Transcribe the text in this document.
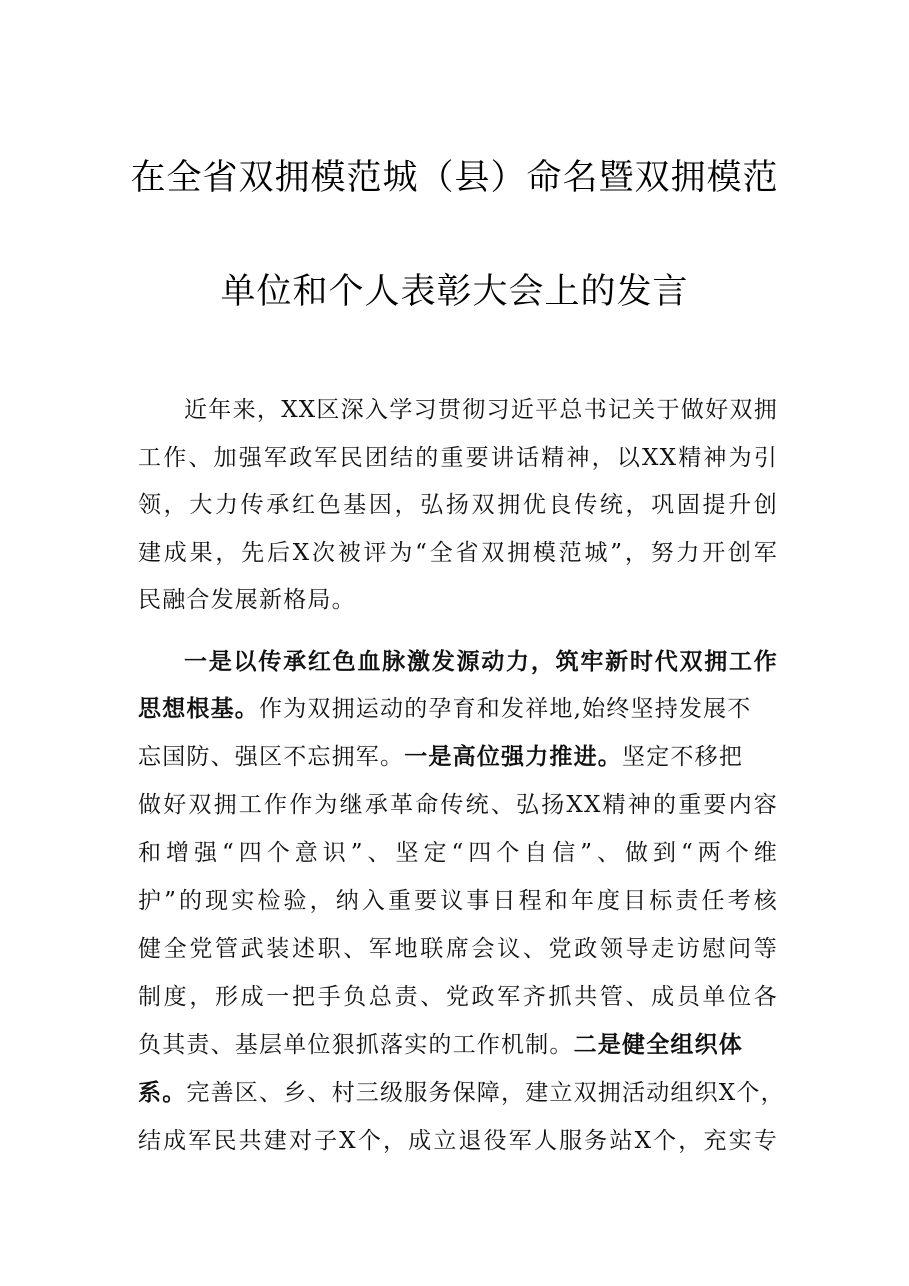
在全省双拥模范城（县）命名暨双拥模范
单位和个人表彰大会上的发言
近年来，XX区深入学习贯彻习近平总书记关于做好双拥
工作、加强军政军民团结的重要讲话精神，以XX精神为引
领，大力传承红色基因，弘扬双拥优良传统，巩固提升创
建成果，先后X次被评为“全省双拥模范城”，努力开创军
民融合发展新格局。
一是以传承红色血脉激发源动力，筑牢新时代双拥工作
思想根基。作为双拥运动的孕育和发祥地,始终坚持发展不
忘国防、强区不忘拥军。一是高位强力推进。坚定不移把
做好双拥工作作为继承革命传统、弘扬XX精神的重要内容
和增强“四个意识”、坚定“四个自信”、做到“两个维
护”的现实检验，纳入重要议事日程和年度目标责任考核
健全党管武装述职、军地联席会议、党政领导走访慰问等
制度，形成一把手负总责、党政军齐抓共管、成员单位各
负其责、基层单位狠抓落实的工作机制。二是健全组织体
系。完善区、乡、村三级服务保障，建立双拥活动组织X个，
结成军民共建对子X个，成立退役军人服务站X个，充实专
